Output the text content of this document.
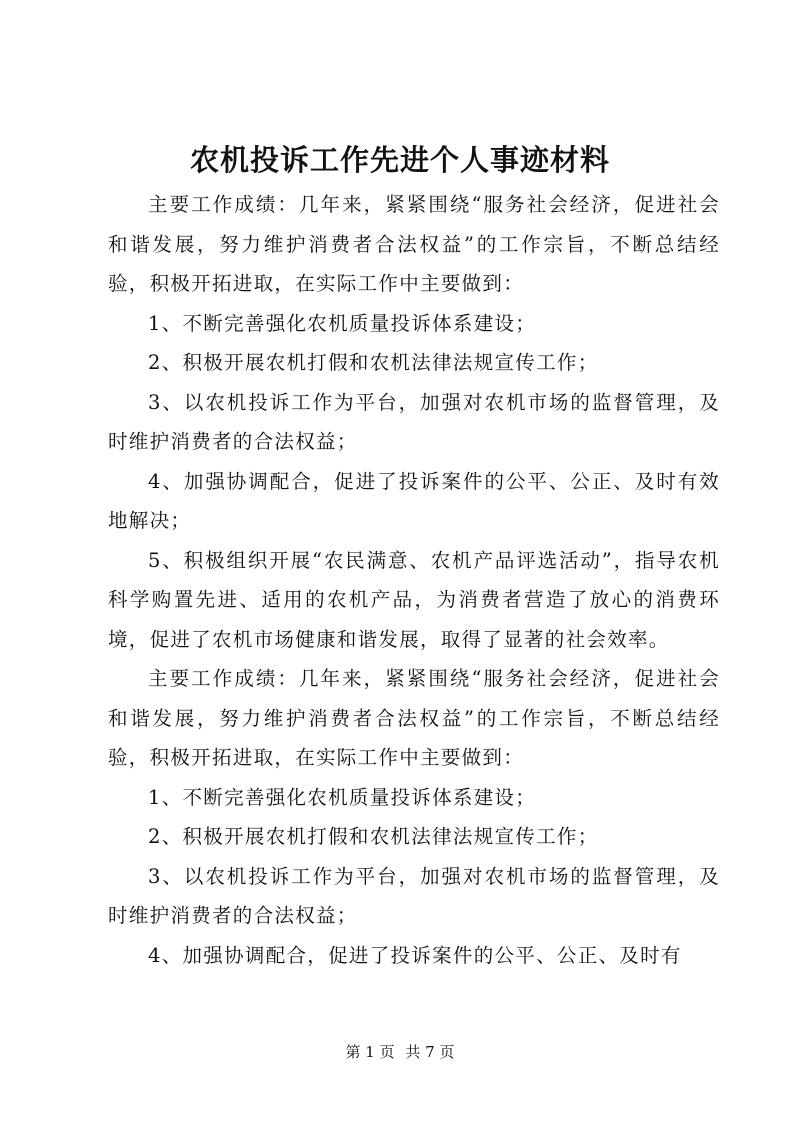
农机投诉工作先进个人事迹材料

主要工作成绩：几年来，紧紧围绕“服务社会经济，促进社会和谐发展，努力维护消费者合法权益”的工作宗旨，不断总结经验，积极开拓进取，在实际工作中主要做到：

1、不断完善强化农机质量投诉体系建设；

2、积极开展农机打假和农机法律法规宣传工作；

3、以农机投诉工作为平台，加强对农机市场的监督管理，及时维护消费者的合法权益；

4、加强协调配合，促进了投诉案件的公平、公正、及时有效地解决；

5、积极组织开展“农民满意、农机产品评选活动”，指导农机科学购置先进、适用的农机产品，为消费者营造了放心的消费环境，促进了农机市场健康和谐发展，取得了显著的社会效率。

主要工作成绩：几年来，紧紧围绕“服务社会经济，促进社会和谐发展，努力维护消费者合法权益”的工作宗旨，不断总结经验，积极开拓进取，在实际工作中主要做到：

1、不断完善强化农机质量投诉体系建设；

2、积极开展农机打假和农机法律法规宣传工作；

3、以农机投诉工作为平台，加强对农机市场的监督管理，及时维护消费者的合法权益；

4、加强协调配合，促进了投诉案件的公平、公正、及时有

第 1 页 共 7 页
